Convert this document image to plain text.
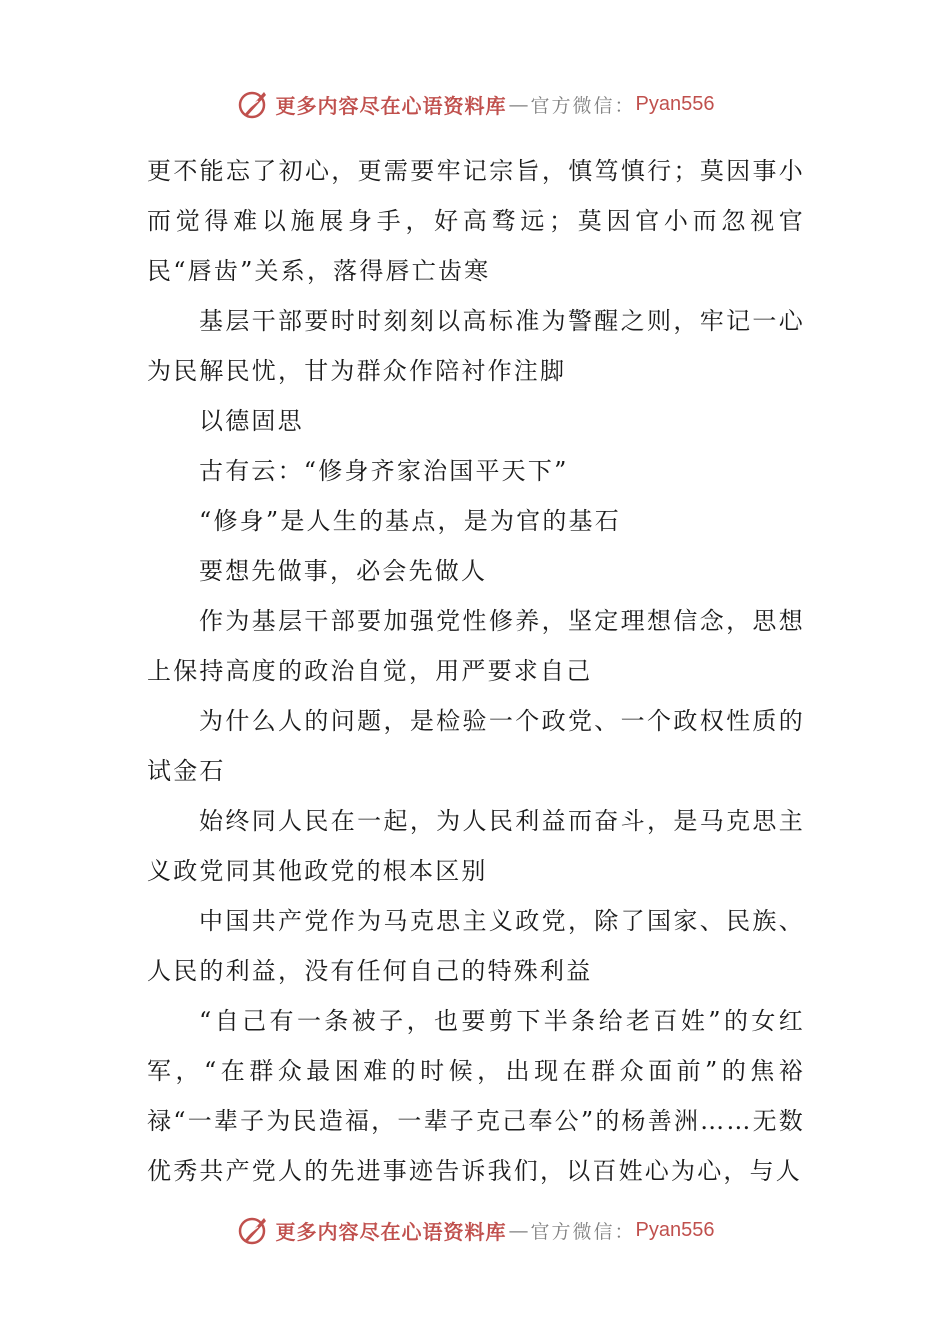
更多内容尽在心语资料库 — 官方微信： Pyan556

更不能忘了初心，更需要牢记宗旨，慎笃慎行；莫因事小而觉得难以施展身手，好高骛远；莫因官小而忽视官民“唇齿”关系，落得唇亡齿寒

基层干部要时时刻刻以高标准为警醒之则，牢记一心为民解民忧，甘为群众作陪衬作注脚

以德固思

古有云：“修身齐家治国平天下”

“修身”是人生的基点，是为官的基石

要想先做事，必会先做人

作为基层干部要加强党性修养，坚定理想信念，思想上保持高度的政治自觉，用严要求自己

为什么人的问题，是检验一个政党、一个政权性质的试金石

始终同人民在一起，为人民利益而奋斗，是马克思主义政党同其他政党的根本区别

中国共产党作为马克思主义政党，除了国家、民族、人民的利益，没有任何自己的特殊利益

“自己有一条被子，也要剪下半条给老百姓”的女红军，“在群众最困难的时候，出现在群众面前”的焦裕禄“一辈子为民造福，一辈子克己奉公”的杨善洲……无数优秀共产党人的先进事迹告诉我们，以百姓心为心，与人

更多内容尽在心语资料库 — 官方微信： Pyan556
